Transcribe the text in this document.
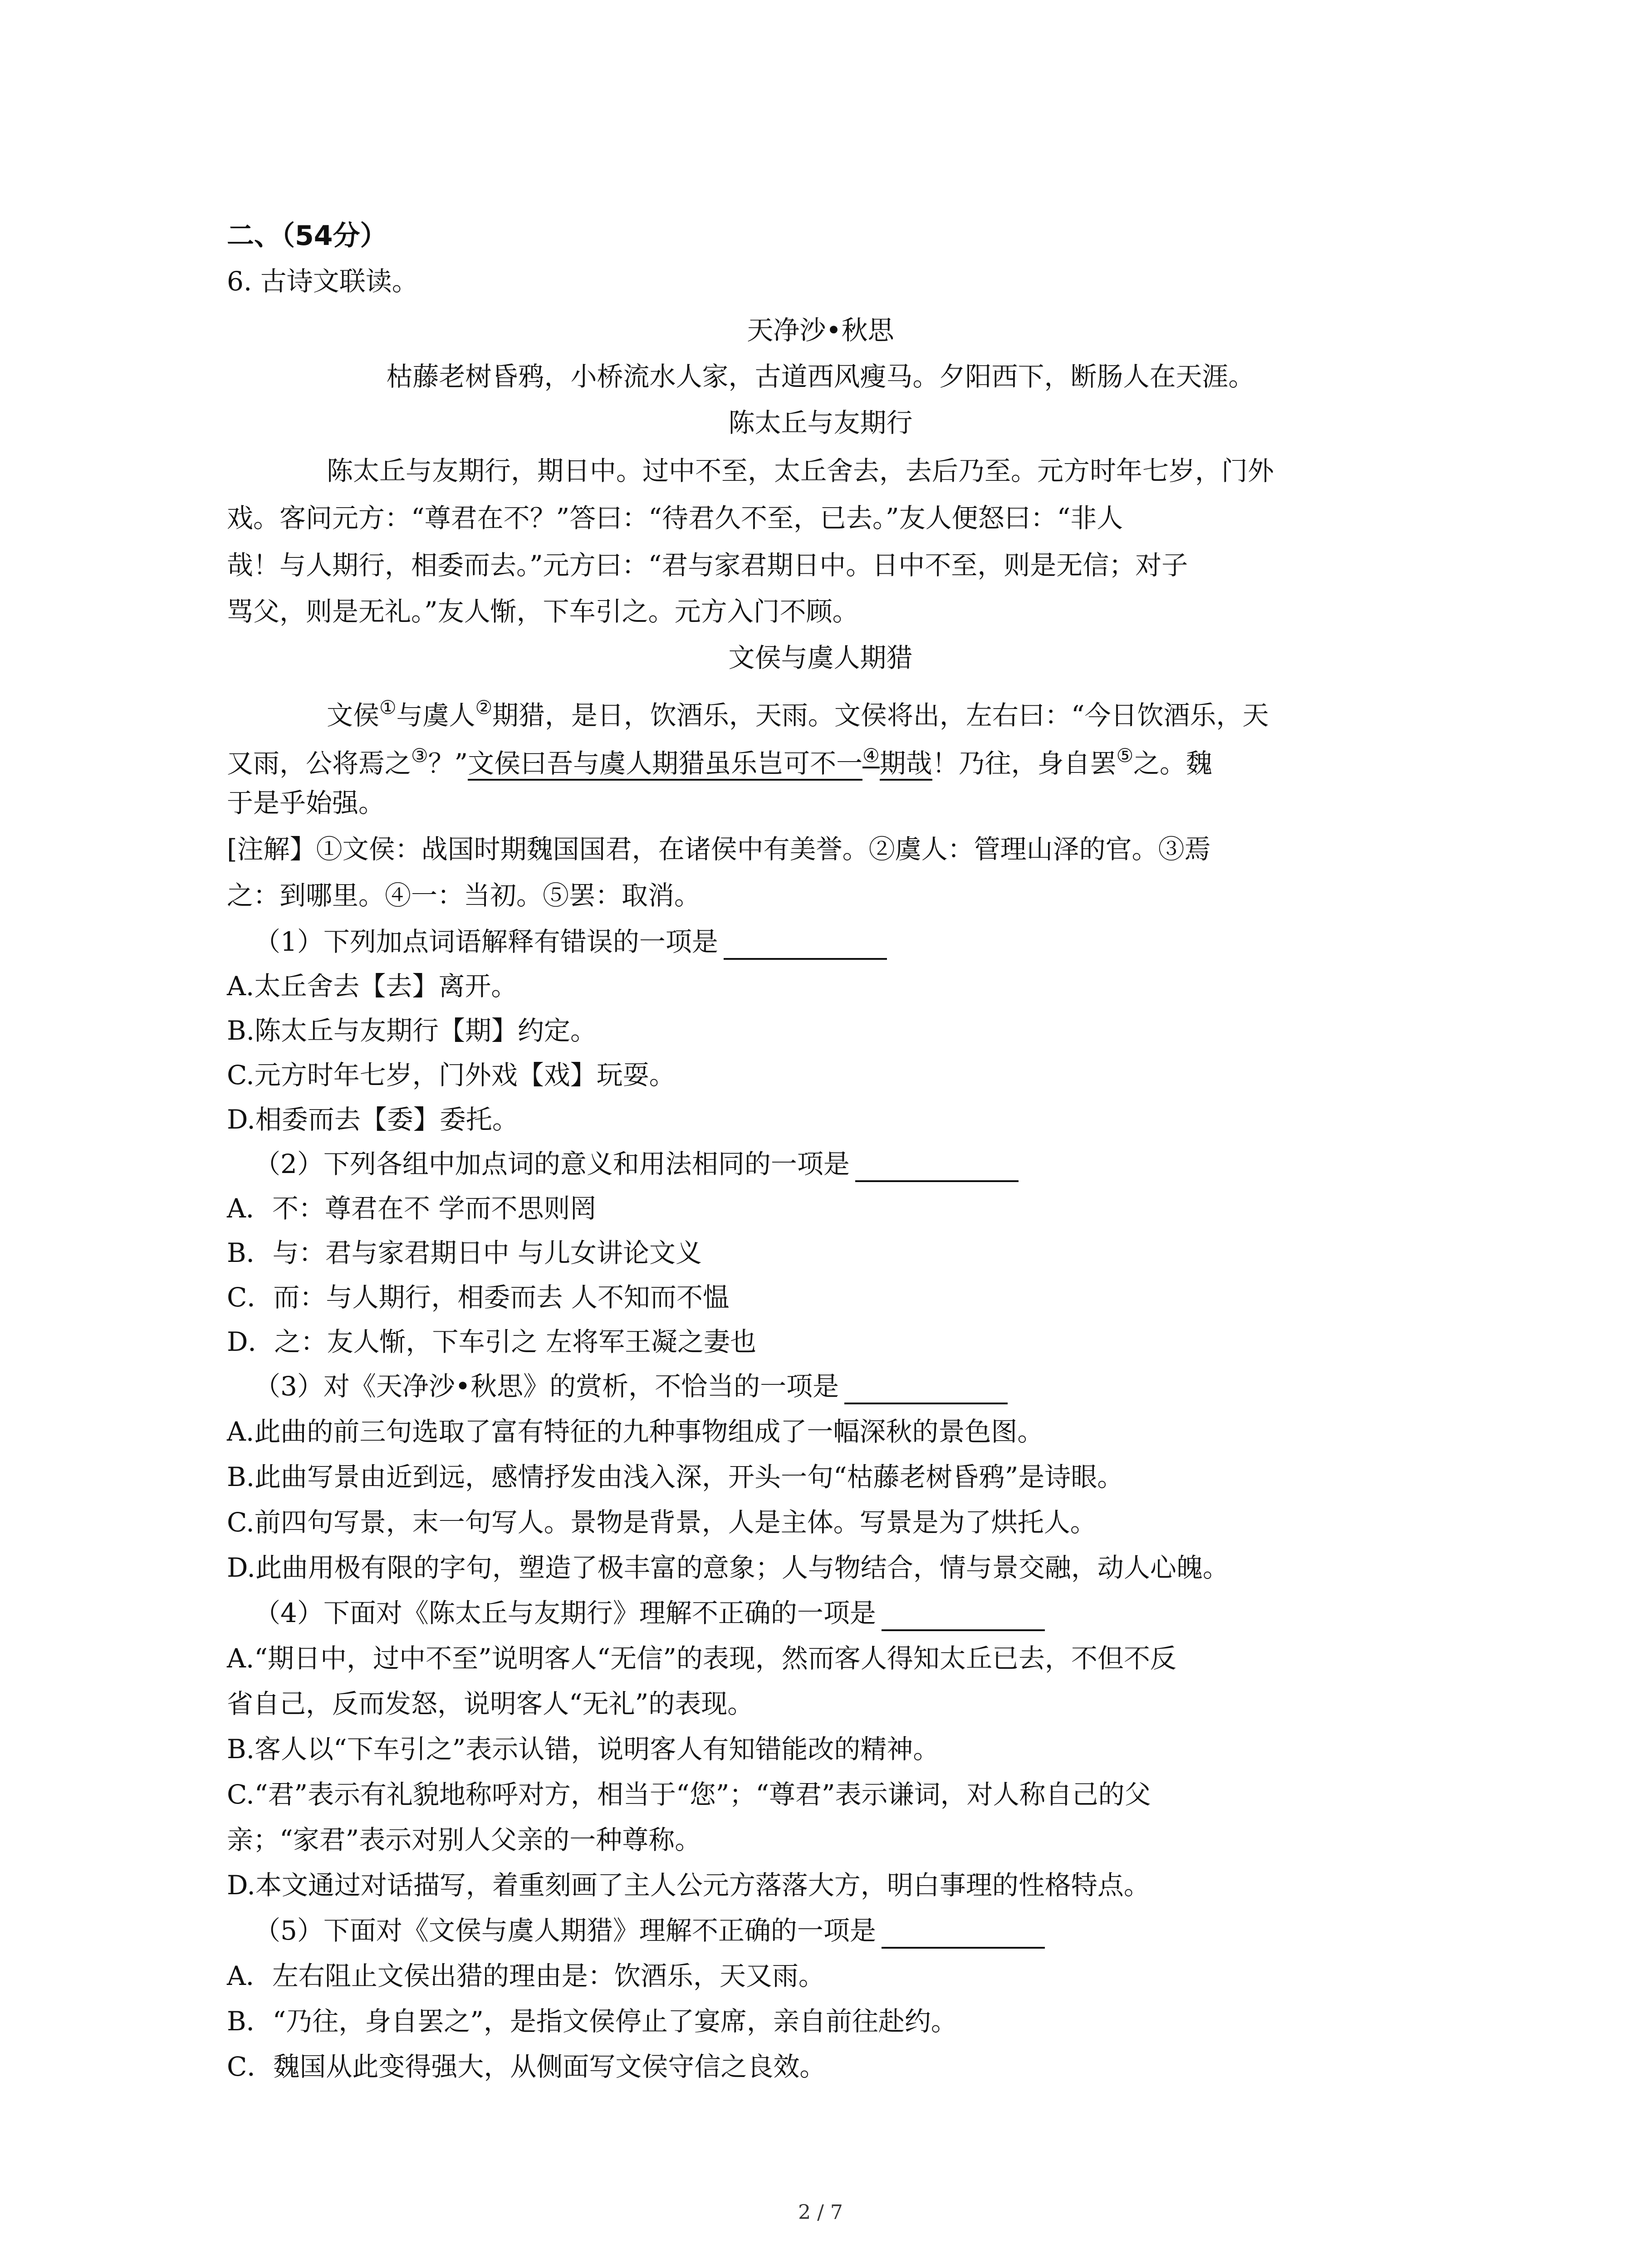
二、（54分）
6. 古诗文联读。
天净沙•秋思
枯藤老树昏鸦，小桥流水人家，古道西风瘦马。夕阳西下，断肠人在天涯。
陈太丘与友期行
陈太丘与友期行，期日中。过中不至，太丘舍去，去后乃至。元方时年七岁，门外
戏。客问元方：“尊君在不？”答曰：“待君久不至，已去。”友人便怒曰：“非人
哉！与人期行，相委而去。”元方曰：“君与家君期日中。日中不至，则是无信；对子
骂父，则是无礼。”友人惭，下车引之。元方入门不顾。
文侯与虞人期猎
文侯①与虞人②期猎，是日，饮酒乐，天雨。文侯将出，左右曰：“今日饮酒乐，天
又雨，公将焉之③？”文侯曰吾与虞人期猎虽乐岂可不一④期哉！乃往，身自罢⑤之。魏
于是乎始强。
[注解】①文侯：战国时期魏国国君，在诸侯中有美誉。②虞人：管理山泽的官。③焉
之：到哪里。④一：当初。⑤罢：取消。
（1）下列加点词语解释有错误的一项是
A.太丘舍去【去】离开。
B.陈太丘与友期行【期】约定。
C.元方时年七岁，门外戏【戏】玩耍。
D.相委而去【委】委托。
（2）下列各组中加点词的意义和用法相同的一项是
A．不：尊君在不 学而不思则罔
B．与：君与家君期日中 与儿女讲论文义
C．而：与人期行，相委而去 人不知而不愠
D．之：友人惭，下车引之 左将军王凝之妻也
（3）对《天净沙•秋思》的赏析，不恰当的一项是
A.此曲的前三句选取了富有特征的九种事物组成了一幅深秋的景色图。
B.此曲写景由近到远，感情抒发由浅入深，开头一句“枯藤老树昏鸦”是诗眼。
C.前四句写景，末一句写人。景物是背景，人是主体。写景是为了烘托人。
D.此曲用极有限的字句，塑造了极丰富的意象；人与物结合，情与景交融，动人心魄。
（4）下面对《陈太丘与友期行》理解不正确的一项是
A.“期日中，过中不至”说明客人“无信”的表现，然而客人得知太丘已去，不但不反
省自己，反而发怒，说明客人“无礼”的表现。
B.客人以“下车引之”表示认错，说明客人有知错能改的精神。
C.“君”表示有礼貌地称呼对方，相当于“您”；“尊君”表示谦词，对人称自己的父
亲；“家君”表示对别人父亲的一种尊称。
D.本文通过对话描写，着重刻画了主人公元方落落大方，明白事理的性格特点。
（5）下面对《文侯与虞人期猎》理解不正确的一项是
A．左右阻止文侯出猎的理由是：饮酒乐，天又雨。
B．“乃往，身自罢之”，是指文侯停止了宴席，亲自前往赴约。
C．魏国从此变得强大，从侧面写文侯守信之良效。
2 / 7
